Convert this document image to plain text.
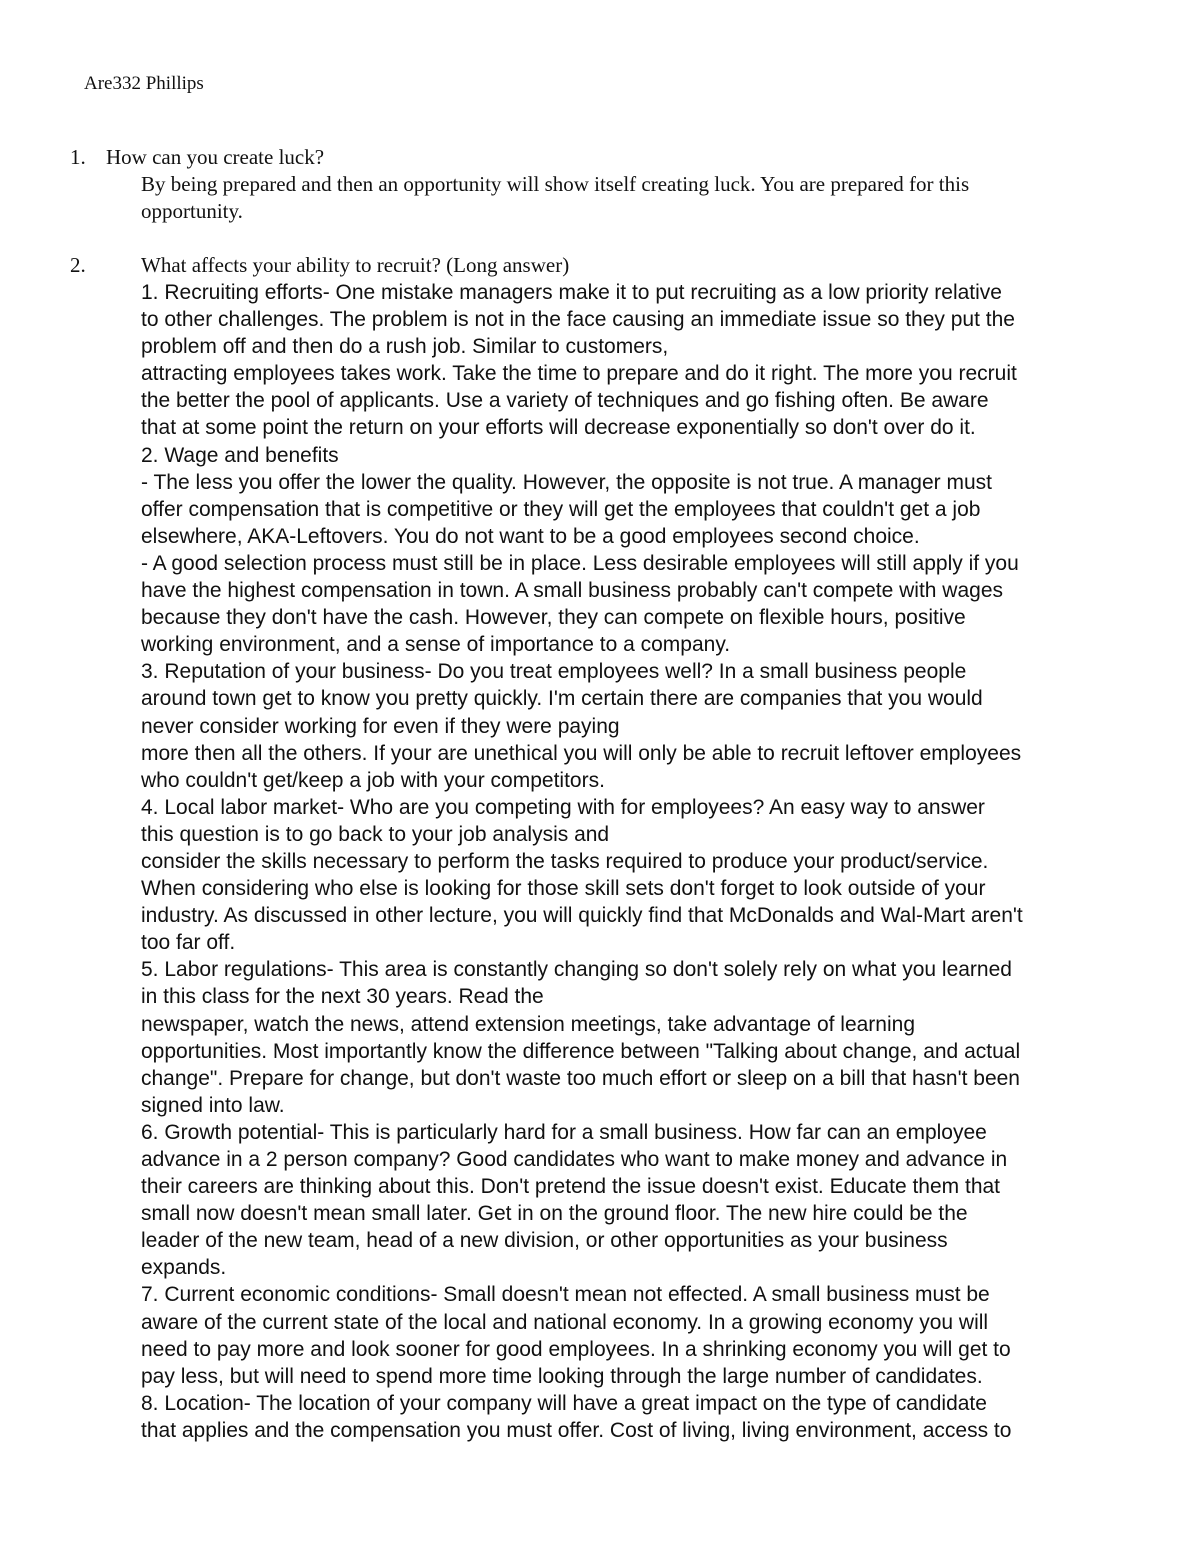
Are332 Phillips
1. How can you create luck?
By being prepared and then an opportunity will show itself creating luck. You are prepared for this
opportunity.
2.	What affects your ability to recruit? (Long answer)
1. Recruiting efforts- One mistake managers make it to put recruiting as a low priority relative
to other challenges. The problem is not in the face causing an immediate issue so they put the
problem off and then do a rush job. Similar to customers,
attracting employees takes work. Take the time to prepare and do it right. The more you recruit
the better the pool of applicants. Use a variety of techniques and go fishing often. Be aware
that at some point the return on your efforts will decrease exponentially so don't over do it.
2. Wage and benefits
- The less you offer the lower the quality. However, the opposite is not true. A manager must
offer compensation that is competitive or they will get the employees that couldn't get a job
elsewhere, AKA-Leftovers. You do not want to be a good employees second choice.
- A good selection process must still be in place. Less desirable employees will still apply if you
have the highest compensation in town. A small business probably can't compete with wages
because they don't have the cash. However, they can compete on flexible hours, positive
working environment, and a sense of importance to a company.
3. Reputation of your business- Do you treat employees well? In a small business people
around town get to know you pretty quickly. I'm certain there are companies that you would
never consider working for even if they were paying
more then all the others. If your are unethical you will only be able to recruit leftover employees
who couldn't get/keep a job with your competitors.
4. Local labor market- Who are you competing with for employees? An easy way to answer
this question is to go back to your job analysis and
consider the skills necessary to perform the tasks required to produce your product/service.
When considering who else is looking for those skill sets don't forget to look outside of your
industry. As discussed in other lecture, you will quickly find that McDonalds and Wal-Mart aren't
too far off.
5. Labor regulations- This area is constantly changing so don't solely rely on what you learned
in this class for the next 30 years. Read the
newspaper, watch the news, attend extension meetings, take advantage of learning
opportunities. Most importantly know the difference between "Talking about change, and actual
change". Prepare for change, but don't waste too much effort or sleep on a bill that hasn't been
signed into law.
6. Growth potential- This is particularly hard for a small business. How far can an employee
advance in a 2 person company? Good candidates who want to make money and advance in
their careers are thinking about this. Don't pretend the issue doesn't exist. Educate them that
small now doesn't mean small later. Get in on the ground floor. The new hire could be the
leader of the new team, head of a new division, or other opportunities as your business
expands.
7. Current economic conditions- Small doesn't mean not effected. A small business must be
aware of the current state of the local and national economy. In a growing economy you will
need to pay more and look sooner for good employees. In a shrinking economy you will get to
pay less, but will need to spend more time looking through the large number of candidates.
8. Location- The location of your company will have a great impact on the type of candidate
that applies and the compensation you must offer. Cost of living, living environment, access to
